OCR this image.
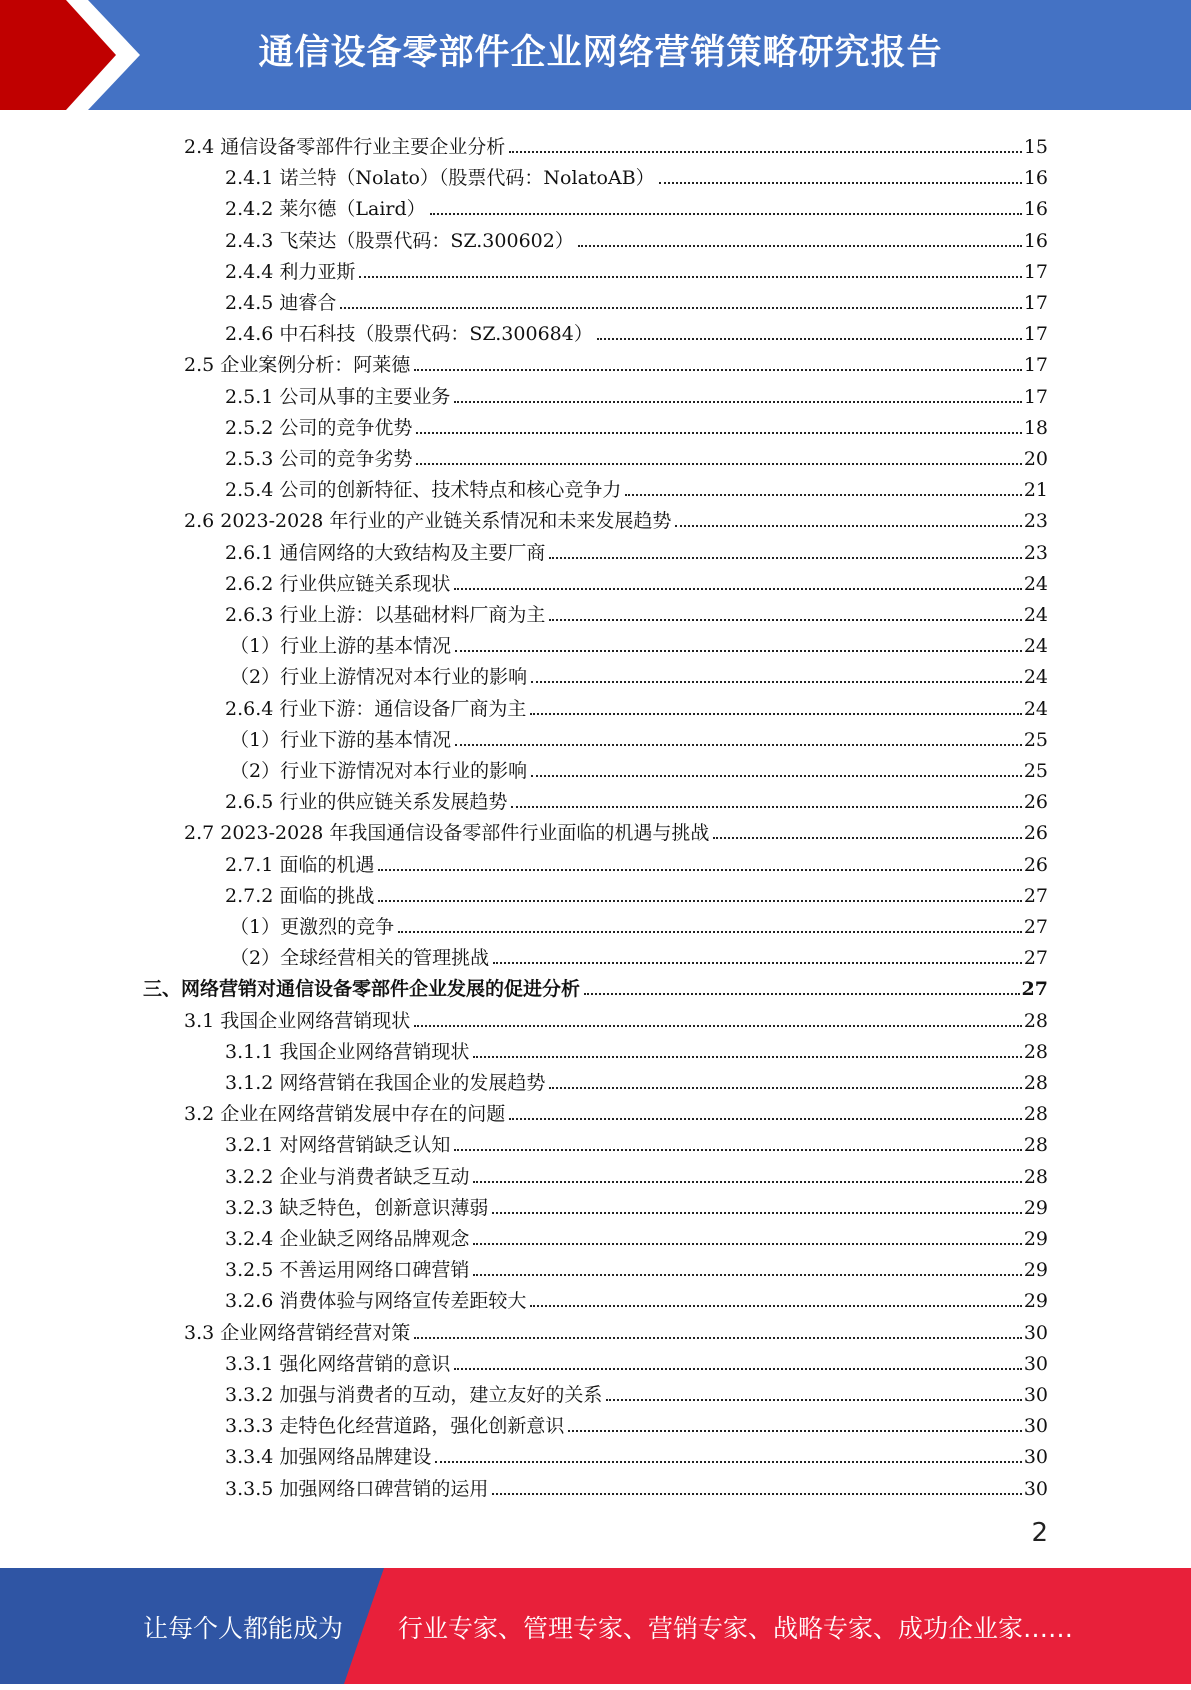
通信设备零部件企业网络营销策略研究报告
2.4 通信设备零部件行业主要企业分析	15
2.4.1 诺兰特（Nolato）（股票代码：NolatoAB）	16
2.4.2 莱尔德（Laird）	16
2.4.3 飞荣达（股票代码：SZ.300602）	16
2.4.4 利力亚斯	17
2.4.5 迪睿合	17
2.4.6 中石科技（股票代码：SZ.300684）	17
2.5 企业案例分析：阿莱德	17
2.5.1 公司从事的主要业务	17
2.5.2 公司的竞争优势	18
2.5.3 公司的竞争劣势	20
2.5.4 公司的创新特征、技术特点和核心竞争力	21
2.6 2023-2028 年行业的产业链关系情况和未来发展趋势	23
2.6.1 通信网络的大致结构及主要厂商	23
2.6.2 行业供应链关系现状	24
2.6.3 行业上游：以基础材料厂商为主	24
（1）行业上游的基本情况	24
（2）行业上游情况对本行业的影响	24
2.6.4 行业下游：通信设备厂商为主	24
（1）行业下游的基本情况	25
（2）行业下游情况对本行业的影响	25
2.6.5 行业的供应链关系发展趋势	26
2.7 2023-2028 年我国通信设备零部件行业面临的机遇与挑战	26
2.7.1 面临的机遇	26
2.7.2 面临的挑战	27
（1）更激烈的竞争	27
（2）全球经营相关的管理挑战	27
三、网络营销对通信设备零部件企业发展的促进分析	27
3.1 我国企业网络营销现状	28
3.1.1 我国企业网络营销现状	28
3.1.2 网络营销在我国企业的发展趋势	28
3.2 企业在网络营销发展中存在的问题	28
3.2.1 对网络营销缺乏认知	28
3.2.2 企业与消费者缺乏互动	28
3.2.3 缺乏特色，创新意识薄弱	29
3.2.4 企业缺乏网络品牌观念	29
3.2.5 不善运用网络口碑营销	29
3.2.6 消费体验与网络宣传差距较大	29
3.3 企业网络营销经营对策	30
3.3.1 强化网络营销的意识	30
3.3.2 加强与消费者的互动，建立友好的关系	30
3.3.3 走特色化经营道路，强化创新意识	30
3.3.4 加强网络品牌建设	30
3.3.5 加强网络口碑营销的运用	30
2
让每个人都能成为 行业专家、管理专家、营销专家、战略专家、成功企业家……
